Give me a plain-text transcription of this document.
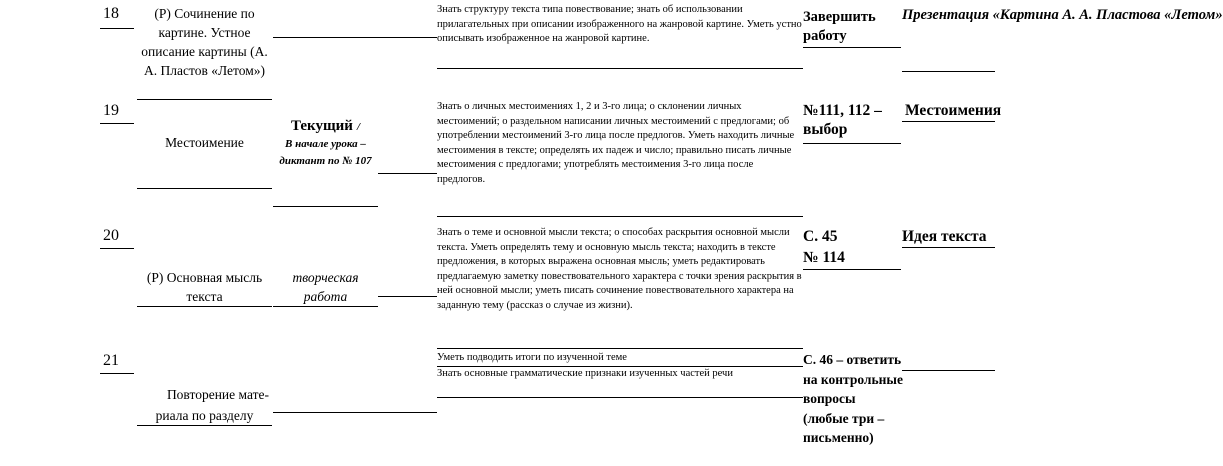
18	(Р) Сочинение по картине. Устное описание картины (А. А. Пластов «Летом»)
Знать структуру текста типа повествование; знать об использовании прилагательных при описании изображенного на жанровой картине. Уметь устно описывать изображенное на жанровой картине.
Завершить работу
Презентация «Картина А. А. Пластова «Летом»
19
Местоимение
Текущий /
В начале урока – диктант по № 107
Знать о личных местоимениях 1, 2 и 3-го лица; о склонении личных местоимений; о раздельном написании личных местоимений с предлогами; об употреблении местоимений 3-го лица после предлогов. Уметь находить личные местоимения в тексте; определять их падеж и число; правильно писать личные местоимения с предлогами; употреблять местоимения 3-го лица после предлогов.
№111, 112 – выбор
Местоимения
20
(Р) Основная мысль текста
творческая работа
Знать о теме и основной мысли текста; о способах раскрытия основной мысли текста. Уметь определять тему и основную мысль текста; находить в тексте предложения, в которых выражена основная мысль; уметь редактировать предлагаемую заметку повествовательного характера с точки зрения раскрытия в ней основной мысли; уметь писать сочинение повествовательного характера на заданную тему (рассказ о случае из жизни).
С. 45
№ 114
Идея текста
21
Повторение мате-
риала по разделу
Уметь подводить итоги по изученной теме
Знать основные грамматические признаки изученных частей речи
С. 46 – ответить на контрольные вопросы (любые три – письменно)
